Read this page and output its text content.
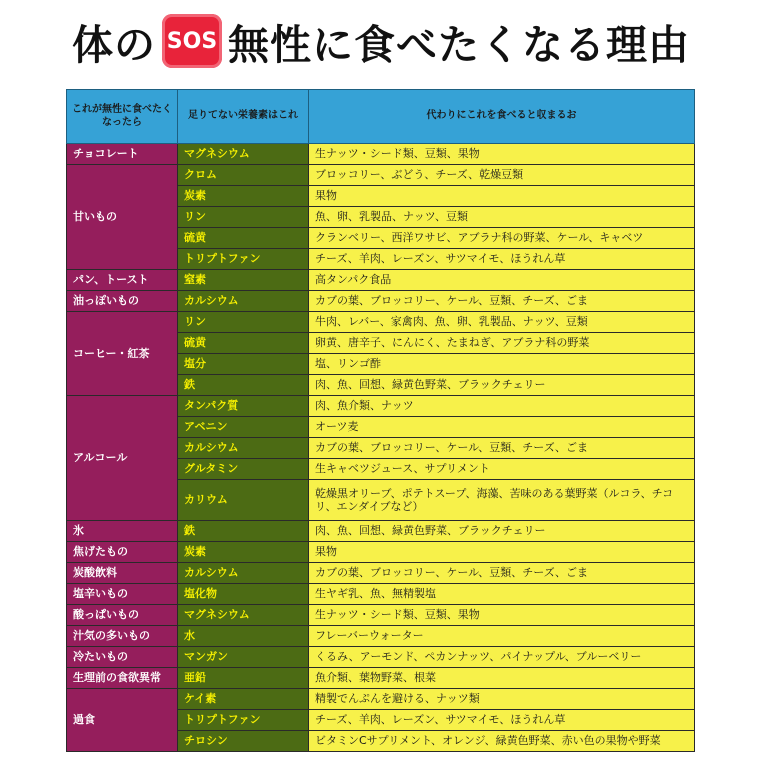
体の SOS 無性に食べたくなる理由
これが無性に食べたくなったら	足りてない栄養素はこれ	代わりにこれを食べると収まるお
チョコレート	マグネシウム	生ナッツ・シード類、豆類、果物
甘いもの	クロム	ブロッコリー、ぶどう、チーズ、乾燥豆類
	炭素	果物
	リン	魚、卵、乳製品、ナッツ、豆類
	硫黄	クランベリー、西洋ワサビ、アブラナ科の野菜、ケール、キャベツ
	トリプトファン	チーズ、羊肉、レーズン、サツマイモ、ほうれん草
パン、トースト	窒素	高タンパク食品
油っぽいもの	カルシウム	カブの葉、ブロッコリー、ケール、豆類、チーズ、ごま
コーヒー・紅茶	リン	牛肉、レバー、家禽肉、魚、卵、乳製品、ナッツ、豆類
	硫黄	卵黄、唐辛子、にんにく、たまねぎ、アブラナ科の野菜
	塩分	塩、リンゴ酢
	鉄	肉、魚、回想、緑黄色野菜、ブラックチェリー
アルコール	タンパク質	肉、魚介類、ナッツ
	アベニン	オーツ麦
	カルシウム	カブの葉、ブロッコリー、ケール、豆類、チーズ、ごま
	グルタミン	生キャベツジュース、サプリメント
	カリウム	乾燥黒オリーブ、ポテトスープ、海藻、苦味のある葉野菜（ルコラ、チコリ、エンダイブなど）
氷	鉄	肉、魚、回想、緑黄色野菜、ブラックチェリー
焦げたもの	炭素	果物
炭酸飲料	カルシウム	カブの葉、ブロッコリー、ケール、豆類、チーズ、ごま
塩辛いもの	塩化物	生ヤギ乳、魚、無精製塩
酸っぱいもの	マグネシウム	生ナッツ・シード類、豆類、果物
汁気の多いもの	水	フレーバーウォーター
冷たいもの	マンガン	くるみ、アーモンド、ペカンナッツ、パイナップル、ブルーベリー
生理前の食欲異常	亜鉛	魚介類、葉物野菜、根菜
過食	ケイ素	精製でんぷんを避ける、ナッツ類
	トリプトファン	チーズ、羊肉、レーズン、サツマイモ、ほうれん草
	チロシン	ビタミンCサプリメント、オレンジ、緑黄色野菜、赤い色の果物や野菜
